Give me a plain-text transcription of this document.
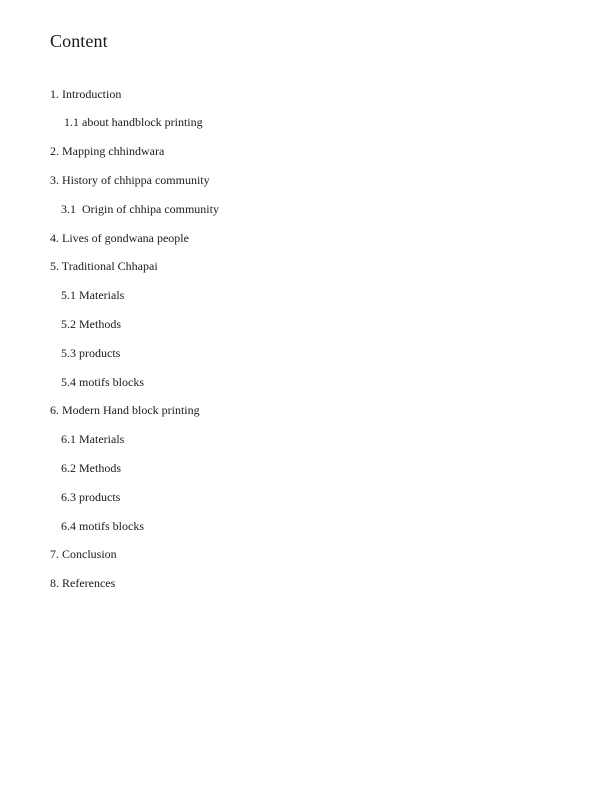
Content
1. Introduction
1.1 about handblock printing
2. Mapping chhindwara
3. History of chhippa community
3.1  Origin of chhipa community
4. Lives of gondwana people
5. Traditional Chhapai
5.1 Materials
5.2 Methods
5.3 products
5.4 motifs blocks
6. Modern Hand block printing
6.1 Materials
6.2 Methods
6.3 products
6.4 motifs blocks
7. Conclusion
8. References
